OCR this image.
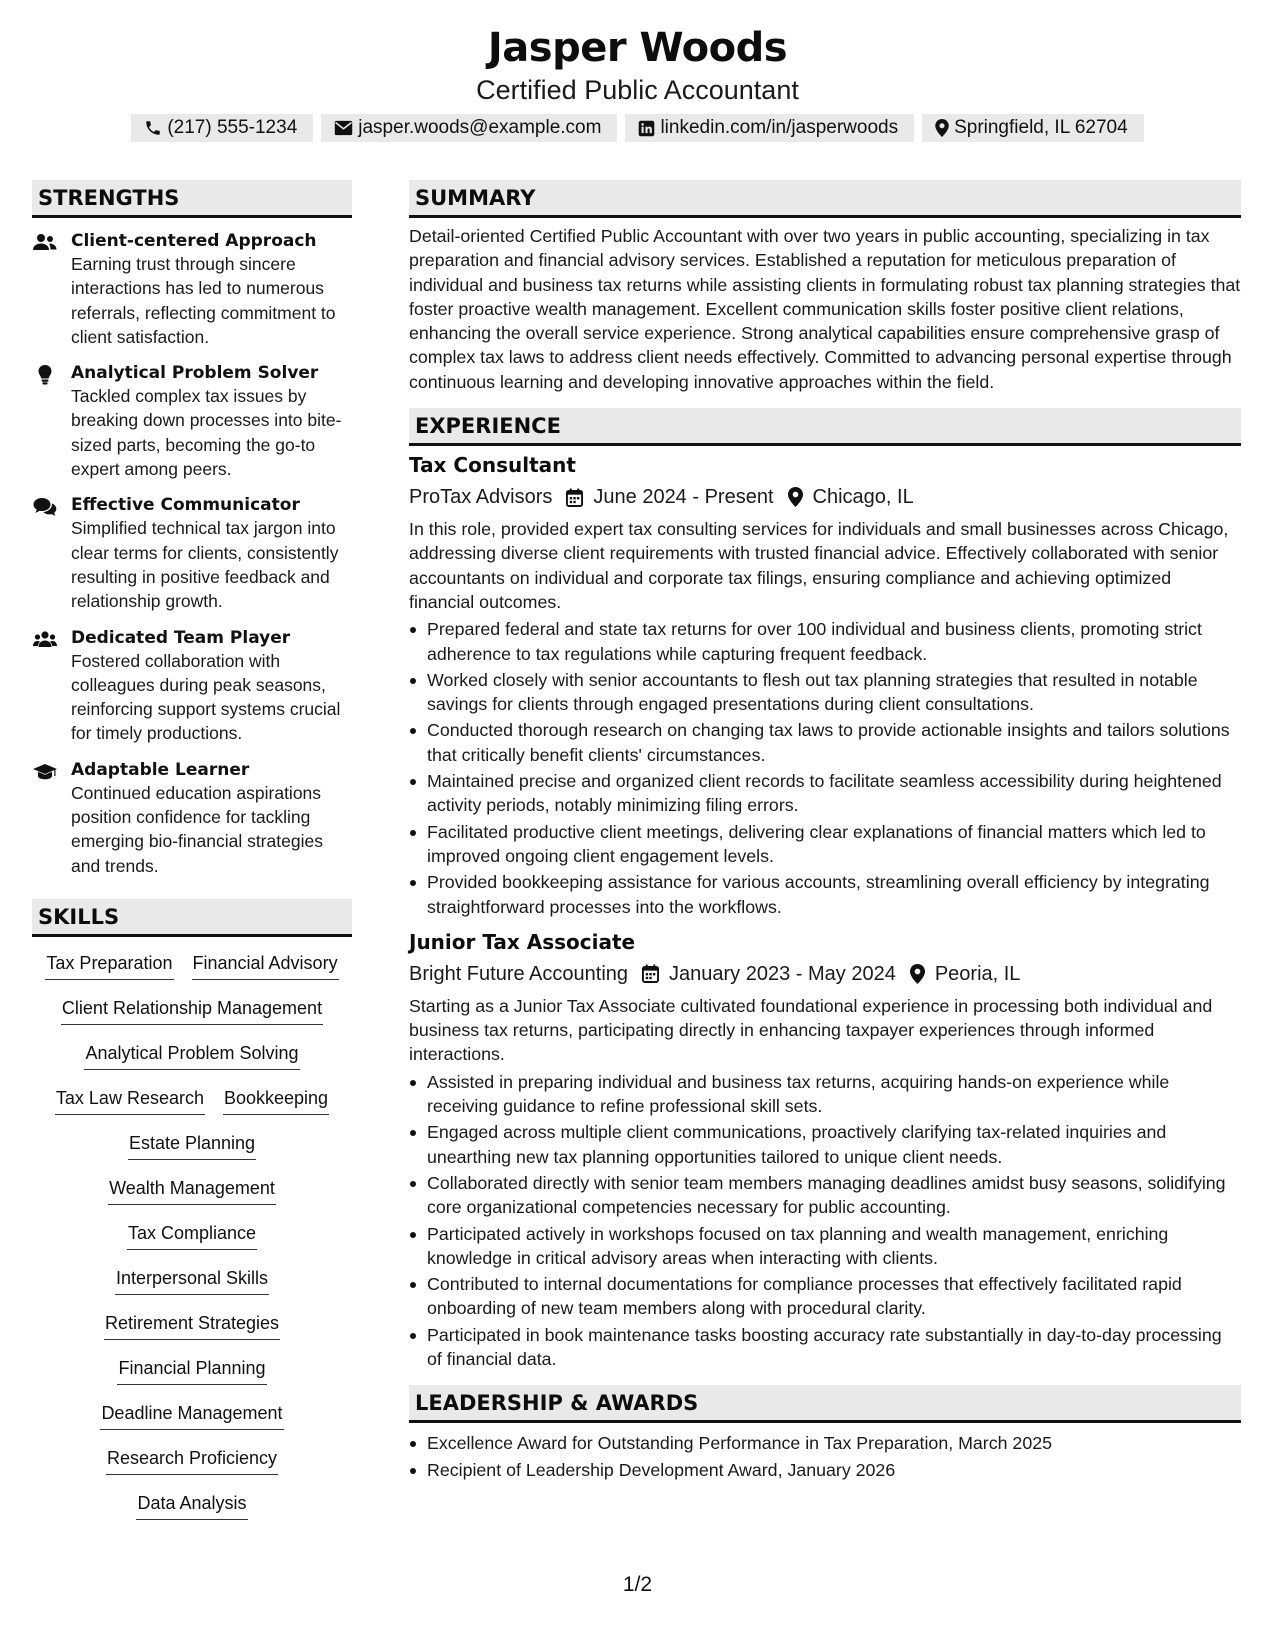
Jasper Woods
Certified Public Accountant
(217) 555-1234	jasper.woods@example.com	linkedin.com/in/jasperwoods	Springfield, IL 62704
STRENGTHS
Client-centered Approach
Earning trust through sincere interactions has led to numerous referrals, reflecting commitment to client satisfaction.
Analytical Problem Solver
Tackled complex tax issues by breaking down processes into bite-sized parts, becoming the go-to expert among peers.
Effective Communicator
Simplified technical tax jargon into clear terms for clients, consistently resulting in positive feedback and relationship growth.
Dedicated Team Player
Fostered collaboration with colleagues during peak seasons, reinforcing support systems crucial for timely productions.
Adaptable Learner
Continued education aspirations position confidence for tackling emerging bio-financial strategies and trends.
SKILLS
Tax Preparation Financial Advisory
Client Relationship Management
Analytical Problem Solving
Tax Law Research Bookkeeping
Estate Planning
Wealth Management
Tax Compliance
Interpersonal Skills
Retirement Strategies
Financial Planning
Deadline Management
Research Proficiency
Data Analysis
SUMMARY
Detail-oriented Certified Public Accountant with over two years in public accounting, specializing in tax preparation and financial advisory services. Established a reputation for meticulous preparation of individual and business tax returns while assisting clients in formulating robust tax planning strategies that foster proactive wealth management. Excellent communication skills foster positive client relations, enhancing the overall service experience. Strong analytical capabilities ensure comprehensive grasp of complex tax laws to address client needs effectively. Committed to advancing personal expertise through continuous learning and developing innovative approaches within the field.
EXPERIENCE
Tax Consultant
ProTax Advisors June 2024 - Present Chicago, IL
In this role, provided expert tax consulting services for individuals and small businesses across Chicago, addressing diverse client requirements with trusted financial advice. Effectively collaborated with senior accountants on individual and corporate tax filings, ensuring compliance and achieving optimized financial outcomes.
Prepared federal and state tax returns for over 100 individual and business clients, promoting strict adherence to tax regulations while capturing frequent feedback.
Worked closely with senior accountants to flesh out tax planning strategies that resulted in notable savings for clients through engaged presentations during client consultations.
Conducted thorough research on changing tax laws to provide actionable insights and tailors solutions that critically benefit clients' circumstances.
Maintained precise and organized client records to facilitate seamless accessibility during heightened activity periods, notably minimizing filing errors.
Facilitated productive client meetings, delivering clear explanations of financial matters which led to improved ongoing client engagement levels.
Provided bookkeeping assistance for various accounts, streamlining overall efficiency by integrating straightforward processes into the workflows.
Junior Tax Associate
Bright Future Accounting January 2023 - May 2024 Peoria, IL
Starting as a Junior Tax Associate cultivated foundational experience in processing both individual and business tax returns, participating directly in enhancing taxpayer experiences through informed interactions.
Assisted in preparing individual and business tax returns, acquiring hands-on experience while receiving guidance to refine professional skill sets.
Engaged across multiple client communications, proactively clarifying tax-related inquiries and unearthing new tax planning opportunities tailored to unique client needs.
Collaborated directly with senior team members managing deadlines amidst busy seasons, solidifying core organizational competencies necessary for public accounting.
Participated actively in workshops focused on tax planning and wealth management, enriching knowledge in critical advisory areas when interacting with clients.
Contributed to internal documentations for compliance processes that effectively facilitated rapid onboarding of new team members along with procedural clarity.
Participated in book maintenance tasks boosting accuracy rate substantially in day-to-day processing of financial data.
LEADERSHIP & AWARDS
Excellence Award for Outstanding Performance in Tax Preparation, March 2025
Recipient of Leadership Development Award, January 2026
1/2
